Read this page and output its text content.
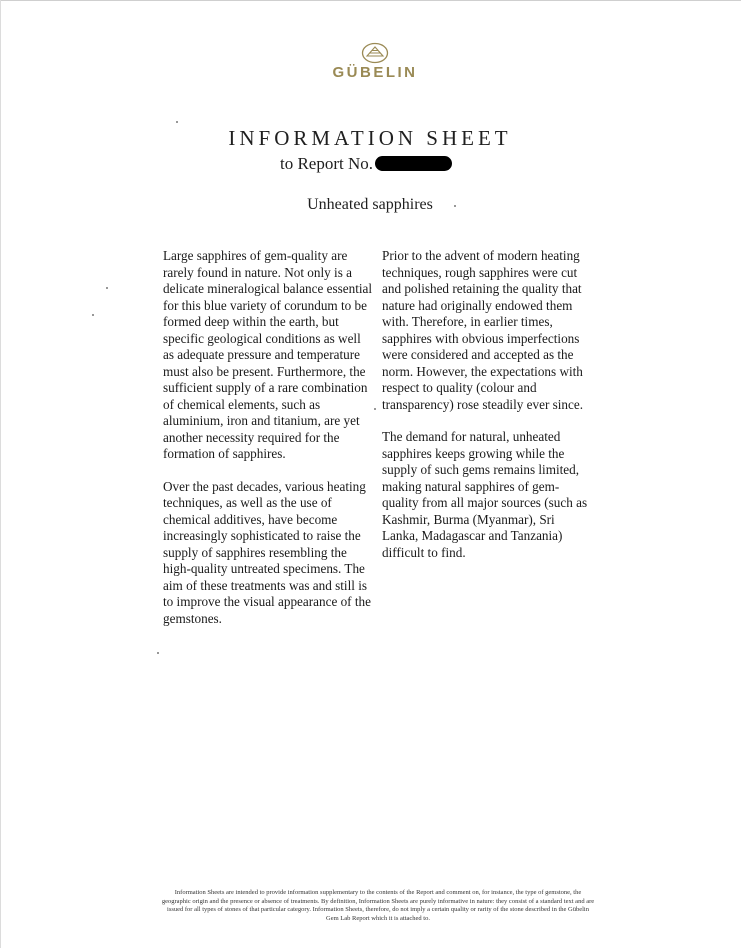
GÜBELIN
INFORMATION SHEET
to Report No.
Unheated sapphires

Large sapphires of gem-quality are rarely found in nature. Not only is a delicate mineralogical balance essential for this blue variety of corundum to be formed deep within the earth, but specific geological conditions as well as adequate pressure and temperature must also be present. Furthermore, the sufficient supply of a rare combination of chemical elements, such as aluminium, iron and titanium, are yet another necessity required for the formation of sapphires.

Over the past decades, various heating techniques, as well as the use of chemical additives, have become increasingly sophisticated to raise the supply of sapphires resembling the high-quality untreated specimens. The aim of these treatments was and still is to improve the visual appearance of the gemstones.

Prior to the advent of modern heating techniques, rough sapphires were cut and polished retaining the quality that nature had originally endowed them with. Therefore, in earlier times, sapphires with obvious imperfections were considered and accepted as the norm. However, the expectations with respect to quality (colour and transparency) rose steadily ever since.

The demand for natural, unheated sapphires keeps growing while the supply of such gems remains limited, making natural sapphires of gem-quality from all major sources (such as Kashmir, Burma (Myanmar), Sri Lanka, Madagascar and Tanzania) difficult to find.

Information Sheets are intended to provide information supplementary to the contents of the Report and comment on, for instance, the type of gemstone, the geographic origin and the presence or absence of treatments. By definition, Information Sheets are purely informative in nature: they consist of a standard text and are issued for all types of stones of that particular category. Information Sheets, therefore, do not imply a certain quality or rarity of the stone described in the Gübelin Gem Lab Report which it is attached to.
